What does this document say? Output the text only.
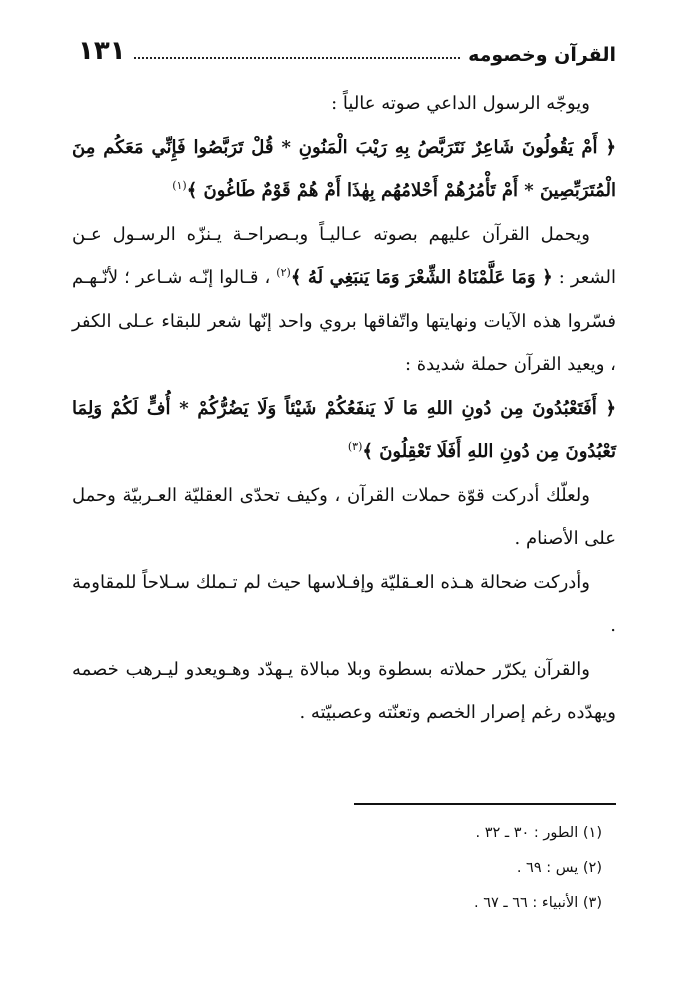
القرآن وخصومه
١٣١

ويوجّه الرسول الداعي صوته عالياً :

﴿ أَمْ يَقُولُونَ شَاعِرٌ نَتَرَبَّصُ بِهِ رَيْبَ الْمَنُونِ * قُلْ تَرَبَّصُوا فَإِنِّي مَعَكُم مِنَ الْمُتَرَبِّصِينَ * أَمْ تَأْمُرُهُمْ أَحْلامُهُم بِهٰذَا أَمْ هُمْ قَوْمٌ طَاغُونَ ﴾$^{(١)}$

ويحمل القرآن عليهم بصوته عـاليـاً وبـصراحـة يـنزّه الرسـول عـن الشعر : ﴿ وَمَا عَلَّمْنَاهُ الشِّعْرَ وَمَا يَنبَغِي لَهُ ﴾$^{(٢)}$ ، قـالوا إنّـه شـاعر ؛ لأنّـهـم فسّروا هذه الآيات ونهايتها واتّفاقها بروي واحد إنّها شعر للبقاء عـلى الكفر ، ويعيد القرآن حملة شديدة :

﴿ أَفَتَعْبُدُونَ مِن دُونِ اللهِ مَا لَا يَنفَعُكُمْ شَيْئاً وَلَا يَضُرُّكُمْ * أُفٍّ لَكُمْ وَلِمَا تَعْبُدُونَ مِن دُونِ اللهِ أَفَلَا تَعْقِلُونَ ﴾$^{(٣)}$

ولعلّك أدركت قوّة حملات القرآن ، وكيف تحدّى العقليّة العـربيّة وحمل على الأصنام .

وأدركت ضحالة هـذه العـقليّة وإفـلاسها حيث لم تـملك سـلاحاً للمقاومة .

والقرآن يكرّر حملاته بسطوة وبلا مبالاة يـهدّد وهـويعدو ليـرهب خصمه ويهدّده رغم إصرار الخصم وتعنّته وعصبيّته .

(١) الطور : ٣٠ ـ ٣٢ .
(٢) يس : ٦٩ .
(٣) الأنبياء : ٦٦ ـ ٦٧ .
